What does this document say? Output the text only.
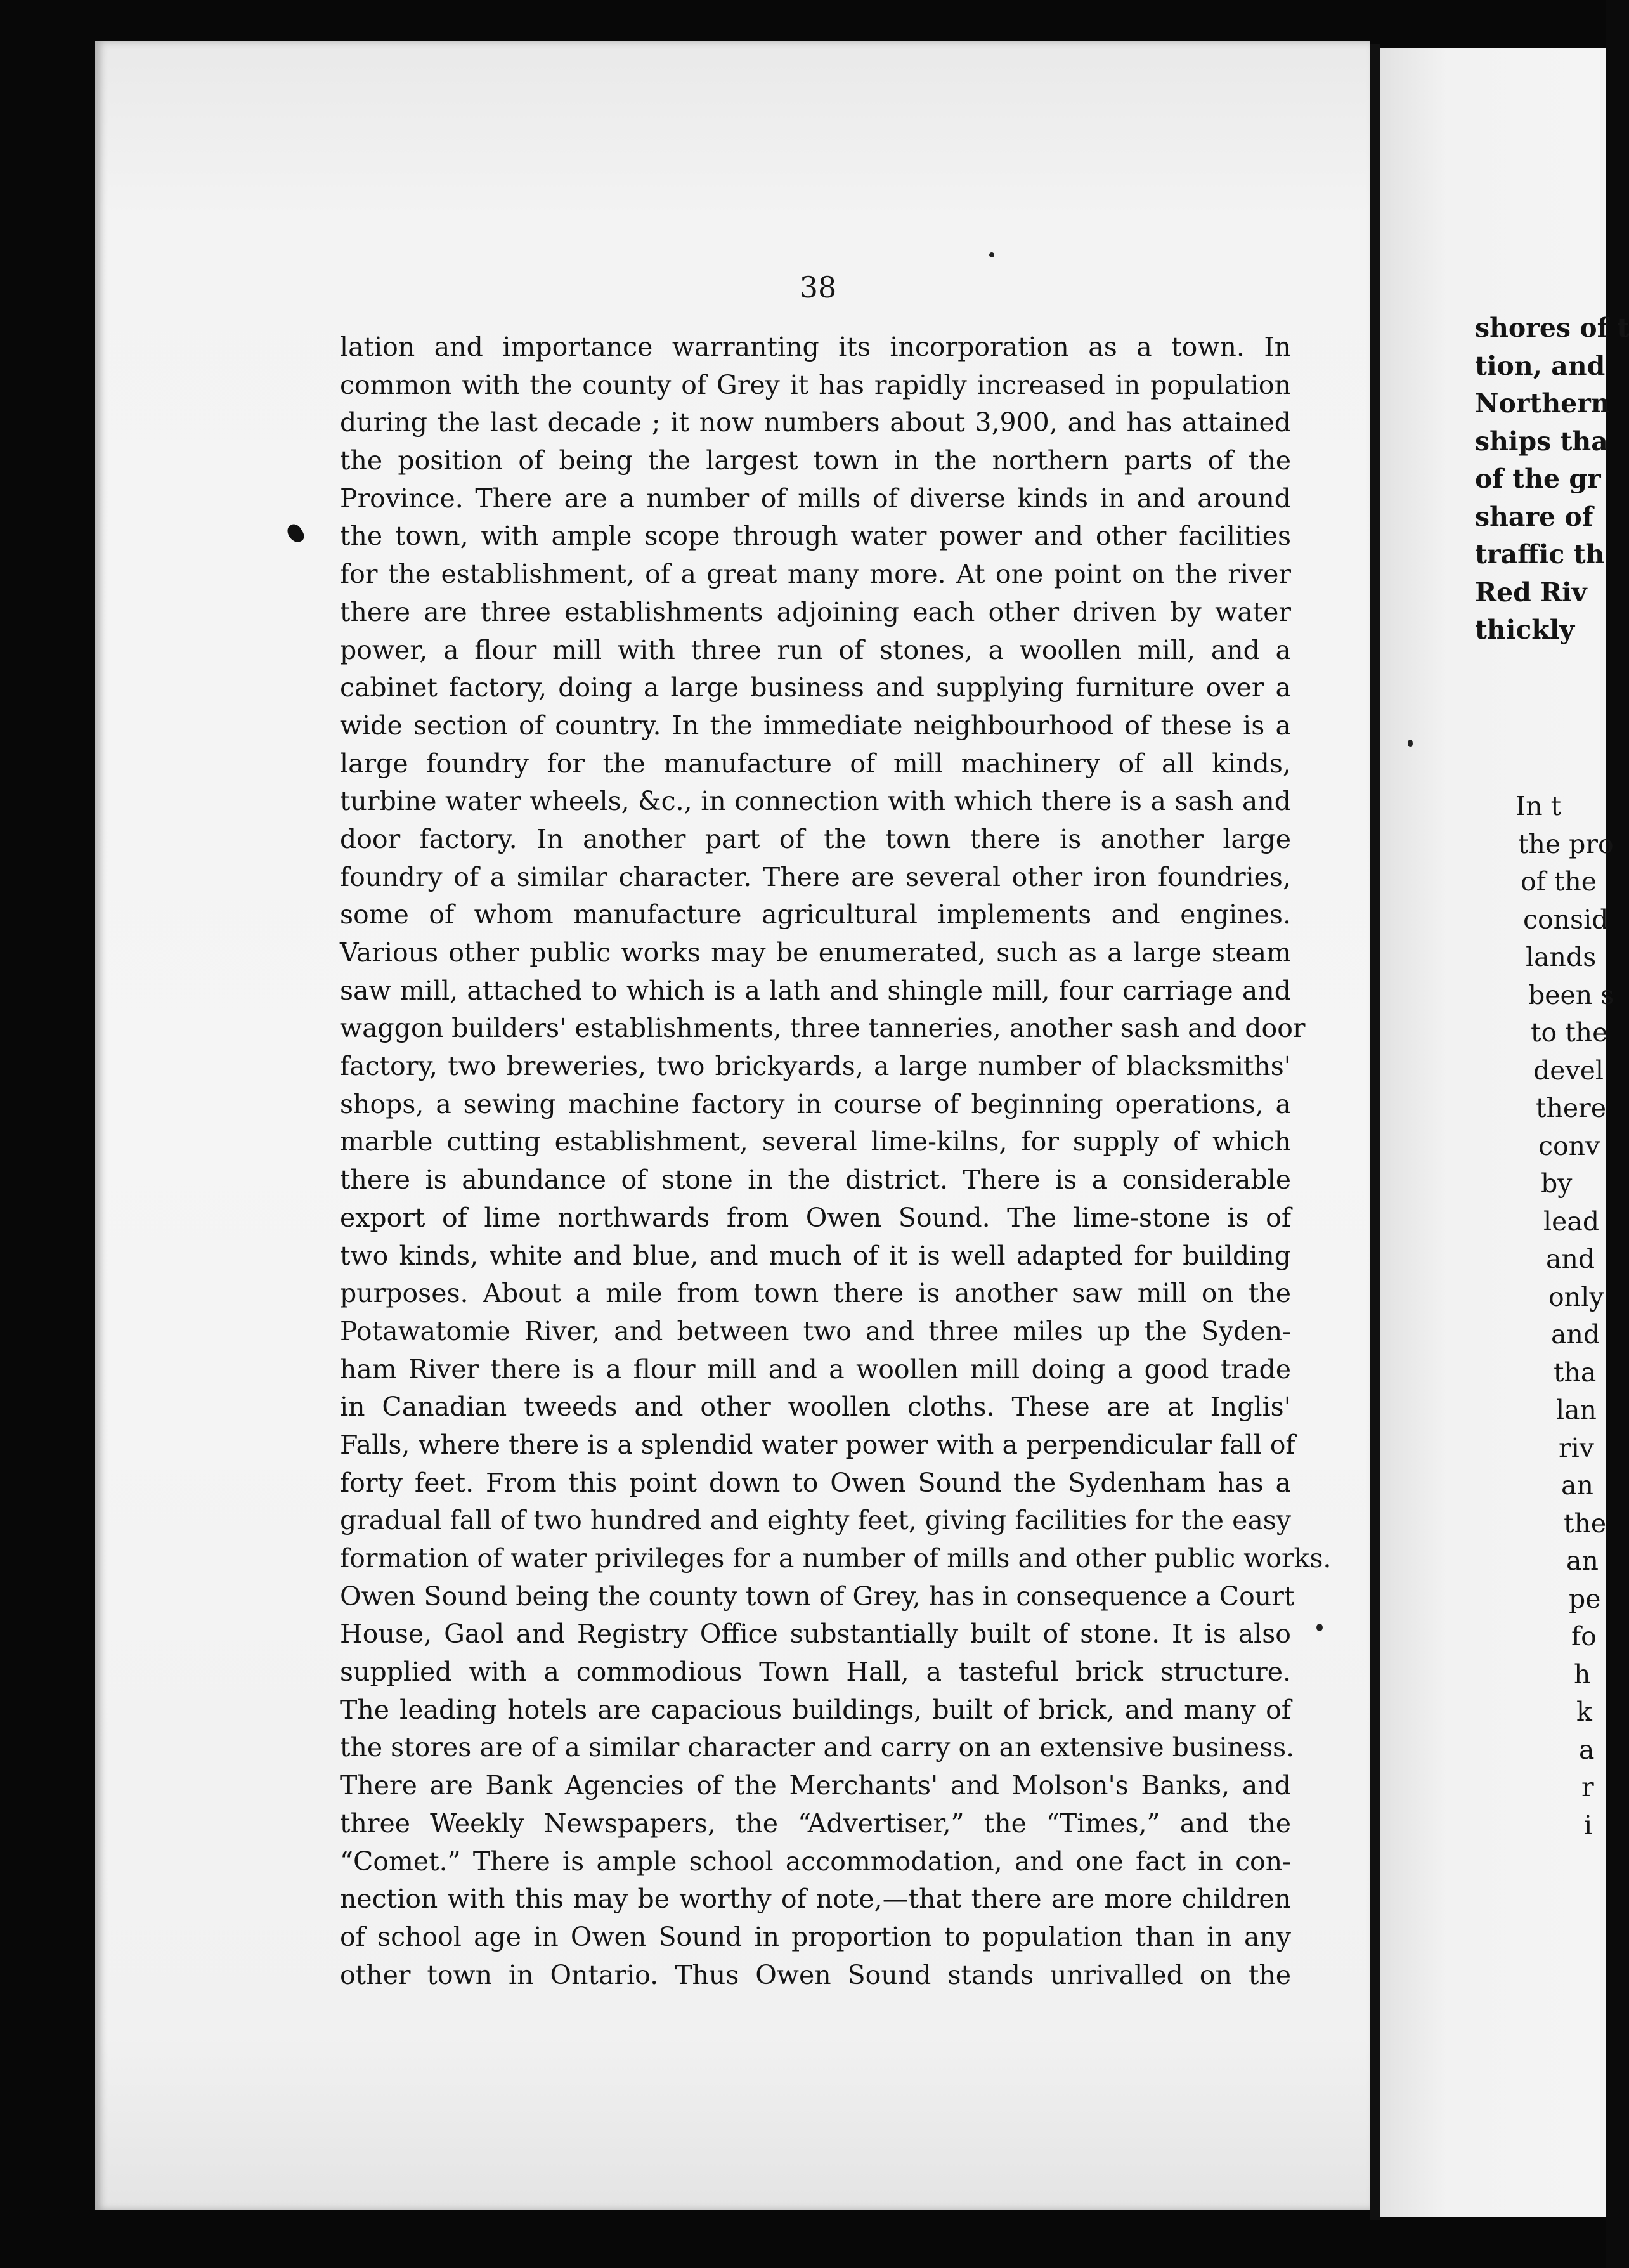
38
lation and importance warranting its incorporation as a town. In
common with the county of Grey it has rapidly increased in population
during the last decade ; it now numbers about 3,900, and has attained
the position of being the largest town in the northern parts of the
Province. There are a number of mills of diverse kinds in and around
the town, with ample scope through water power and other facilities
for the establishment, of a great many more. At one point on the river
there are three establishments adjoining each other driven by water
power, a flour mill with three run of stones, a woollen mill, and a
cabinet factory, doing a large business and supplying furniture over a
wide section of country. In the immediate neighbourhood of these is a
large foundry for the manufacture of mill machinery of all kinds,
turbine water wheels, &c., in connection with which there is a sash and
door factory. In another part of the town there is another large
foundry of a similar character. There are several other iron foundries,
some of whom manufacture agricultural implements and engines.
Various other public works may be enumerated, such as a large steam
saw mill, attached to which is a lath and shingle mill, four carriage and
waggon builders' establishments, three tanneries, another sash and door
factory, two breweries, two brickyards, a large number of blacksmiths'
shops, a sewing machine factory in course of beginning operations, a
marble cutting establishment, several lime-kilns, for supply of which
there is abundance of stone in the district. There is a considerable
export of lime northwards from Owen Sound. The lime-stone is of
two kinds, white and blue, and much of it is well adapted for building
purposes. About a mile from town there is another saw mill on the
Potawatomie River, and between two and three miles up the Syden-
ham River there is a flour mill and a woollen mill doing a good trade
in Canadian tweeds and other woollen cloths. These are at Inglis'
Falls, where there is a splendid water power with a perpendicular fall of
forty feet. From this point down to Owen Sound the Sydenham has a
gradual fall of two hundred and eighty feet, giving facilities for the easy
formation of water privileges for a number of mills and other public works.
Owen Sound being the county town of Grey, has in consequence a Court
House, Gaol and Registry Office substantially built of stone. It is also
supplied with a commodious Town Hall, a tasteful brick structure.
The leading hotels are capacious buildings, built of brick, and many of
the stores are of a similar character and carry on an extensive business.
There are Bank Agencies of the Merchants' and Molson's Banks, and
three Weekly Newspapers, the “Advertiser,” the “Times,” and the
“Comet.” There is ample school accommodation, and one fact in con-
nection with this may be worthy of note,—that there are more children
of school age in Owen Sound in proportion to population than in any
other town in Ontario. Thus Owen Sound stands unrivalled on the
shores of t
tion, and
Northern
ships tha
of the gr
share of
traffic th
Red Riv
thickly
In t
the pro
of the
consid
lands
been s
to the
devel
there
conv
by
lead
and
only
and
tha
lan
riv
an
the
an
pe
fo
h
k
a
r
i
